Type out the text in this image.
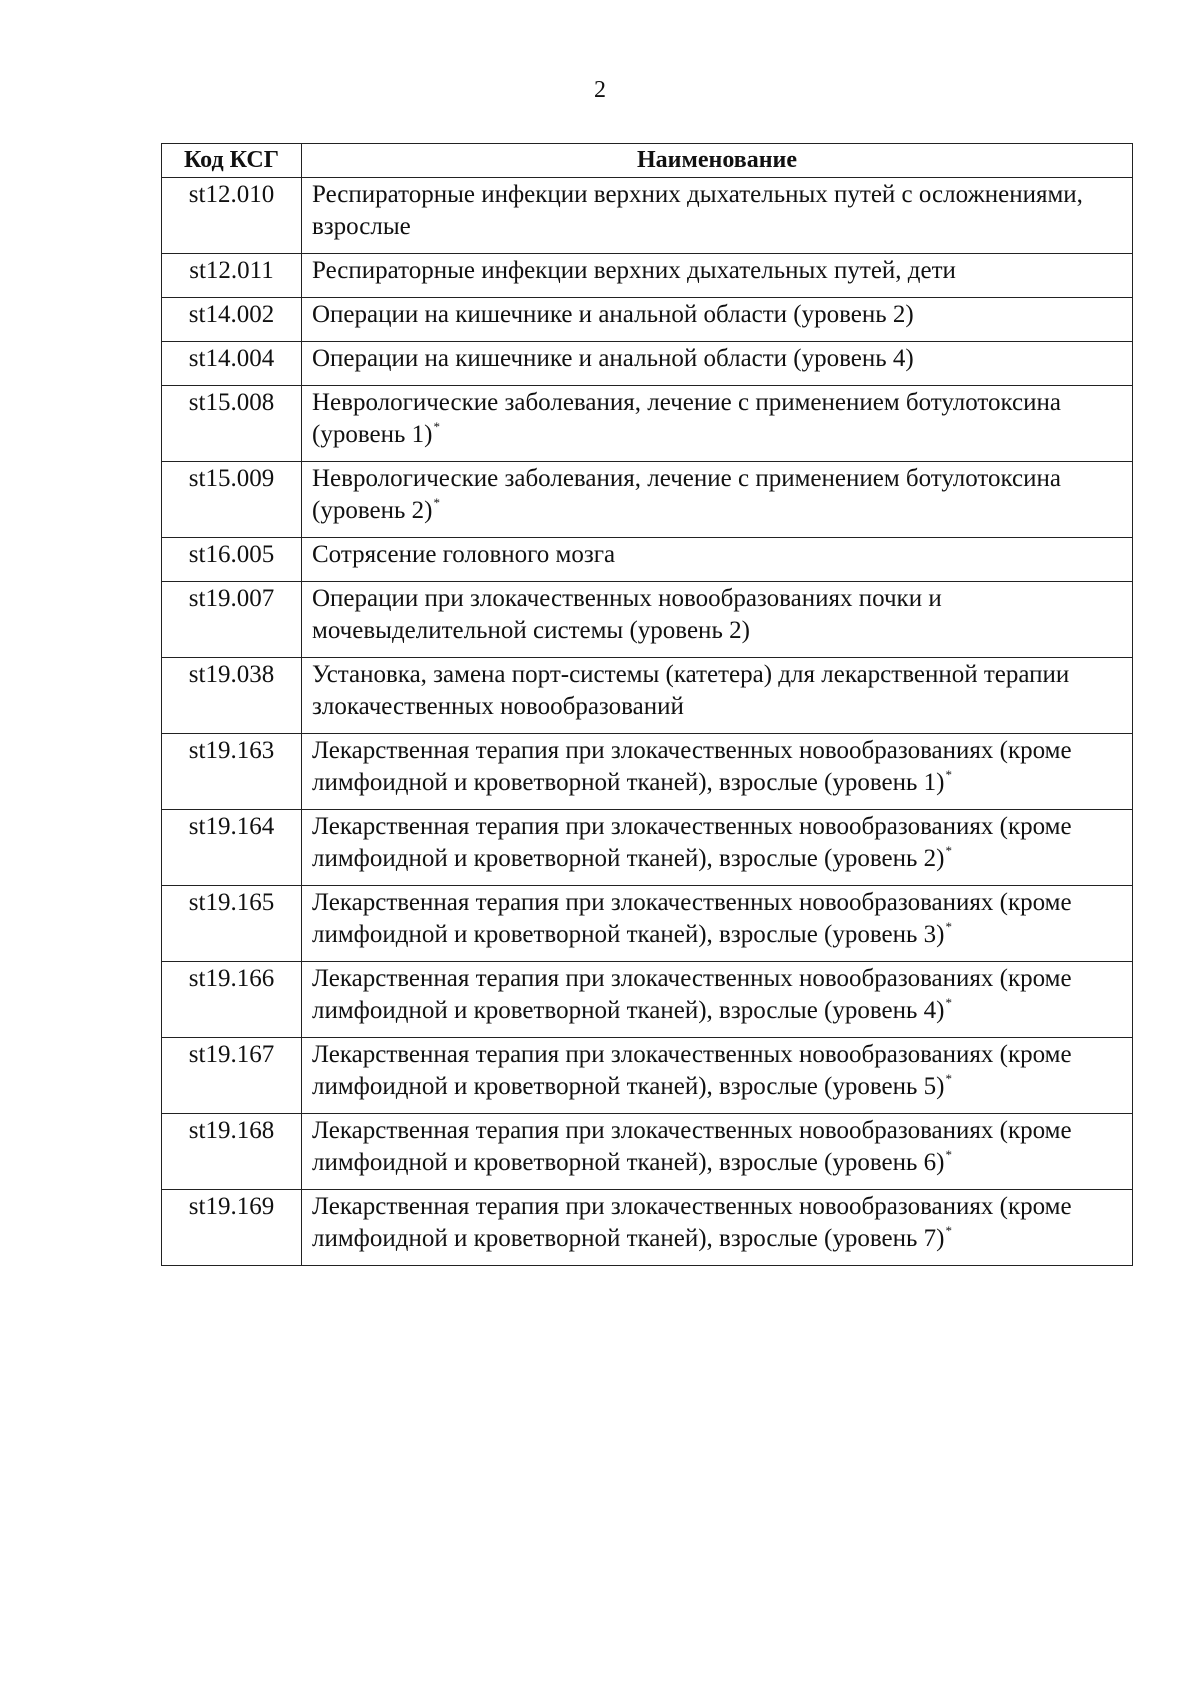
2
Код КСГ	Наименование
st12.010	Респираторные инфекции верхних дыхательных путей с осложнениями, взрослые
st12.011	Респираторные инфекции верхних дыхательных путей, дети
st14.002	Операции на кишечнике и анальной области (уровень 2)
st14.004	Операции на кишечнике и анальной области (уровень 4)
st15.008	Неврологические заболевания, лечение с применением ботулотоксина (уровень 1)*
st15.009	Неврологические заболевания, лечение с применением ботулотоксина (уровень 2)*
st16.005	Сотрясение головного мозга
st19.007	Операции при злокачественных новообразованиях почки и мочевыделительной системы (уровень 2)
st19.038	Установка, замена порт-системы (катетера) для лекарственной терапии злокачественных новообразований
st19.163	Лекарственная терапия при злокачественных новообразованиях (кроме лимфоидной и кроветворной тканей), взрослые (уровень 1)*
st19.164	Лекарственная терапия при злокачественных новообразованиях (кроме лимфоидной и кроветворной тканей), взрослые (уровень 2)*
st19.165	Лекарственная терапия при злокачественных новообразованиях (кроме лимфоидной и кроветворной тканей), взрослые (уровень 3)*
st19.166	Лекарственная терапия при злокачественных новообразованиях (кроме лимфоидной и кроветворной тканей), взрослые (уровень 4)*
st19.167	Лекарственная терапия при злокачественных новообразованиях (кроме лимфоидной и кроветворной тканей), взрослые (уровень 5)*
st19.168	Лекарственная терапия при злокачественных новообразованиях (кроме лимфоидной и кроветворной тканей), взрослые (уровень 6)*
st19.169	Лекарственная терапия при злокачественных новообразованиях (кроме лимфоидной и кроветворной тканей), взрослые (уровень 7)*
